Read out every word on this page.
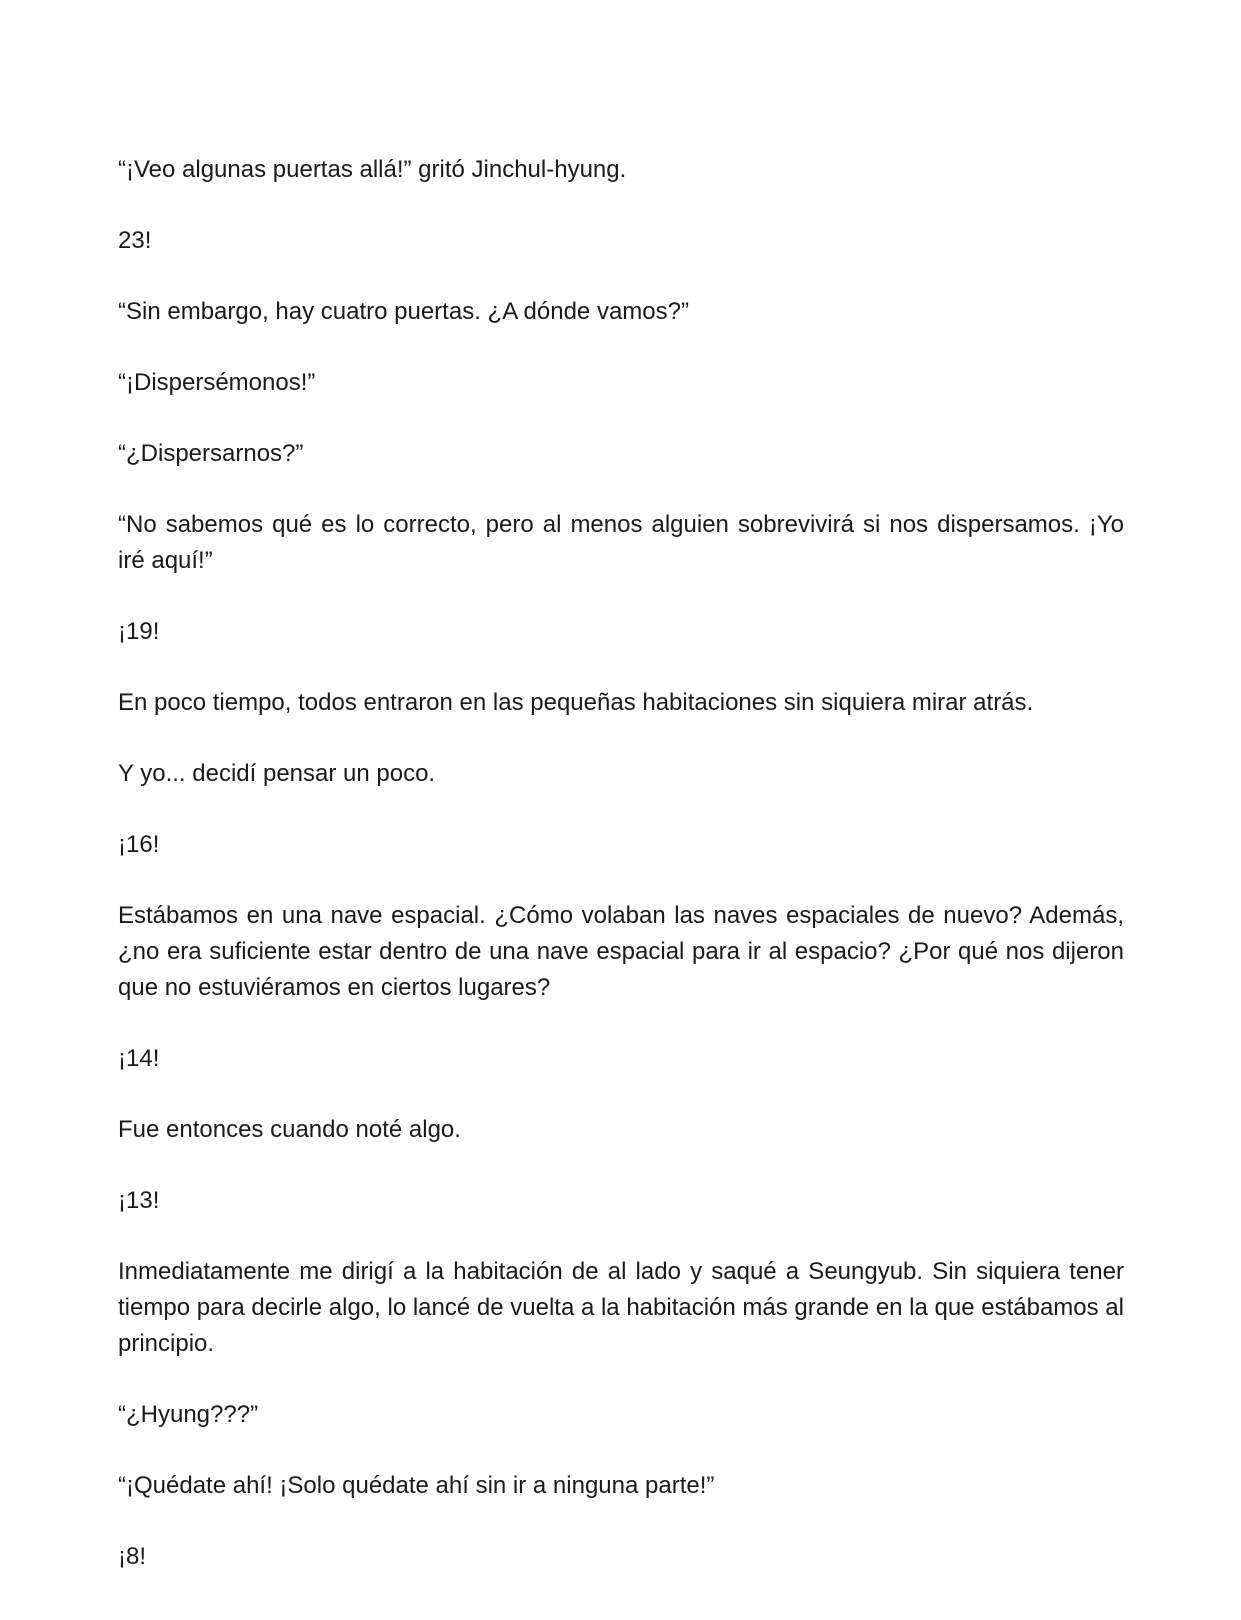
“¡Veo algunas puertas allá!” gritó Jinchul-hyung.

23!

“Sin embargo, hay cuatro puertas. ¿A dónde vamos?”

“¡Dispersémonos!”

“¿Dispersarnos?”

“No sabemos qué es lo correcto, pero al menos alguien sobrevivirá si nos dispersamos. ¡Yo iré aquí!”

¡19!

En poco tiempo, todos entraron en las pequeñas habitaciones sin siquiera mirar atrás.

Y yo... decidí pensar un poco.

¡16!

Estábamos en una nave espacial. ¿Cómo volaban las naves espaciales de nuevo? Además, ¿no era suficiente estar dentro de una nave espacial para ir al espacio? ¿Por qué nos dijeron que no estuviéramos en ciertos lugares?

¡14!

Fue entonces cuando noté algo.

¡13!

Inmediatamente me dirigí a la habitación de al lado y saqué a Seungyub. Sin siquiera tener tiempo para decirle algo, lo lancé de vuelta a la habitación más grande en la que estábamos al principio.

“¿Hyung???”

“¡Quédate ahí! ¡Solo quédate ahí sin ir a ninguna parte!”

¡8!
